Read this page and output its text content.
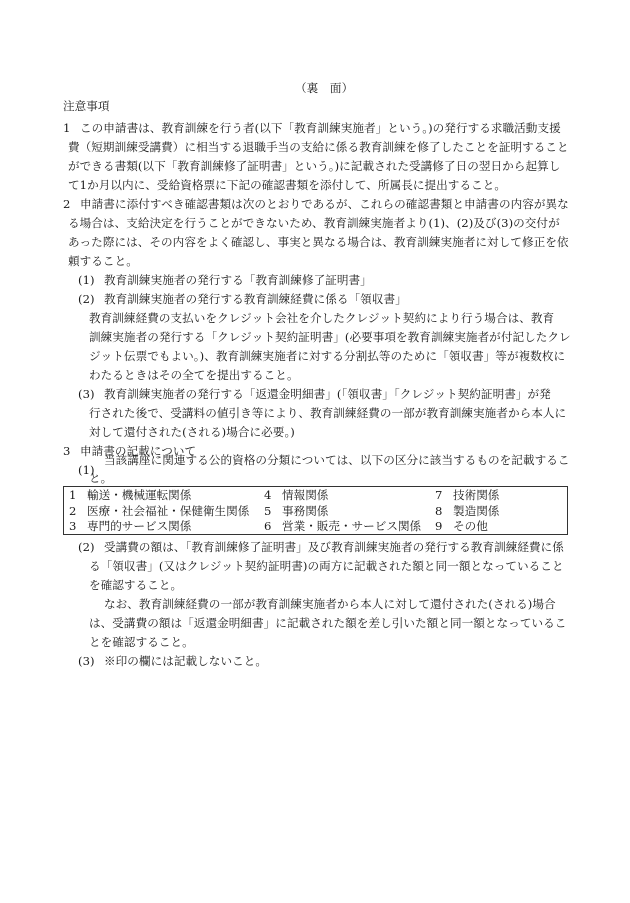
（裏　面）
注意事項
1 この申請書は、教育訓練を行う者(以下「教育訓練実施者」という。)の発行する求職活動支援
費（短期訓練受講費）に相当する退職手当の支給に係る教育訓練を修了したことを証明すること
ができる書類(以下「教育訓練修了証明書」という。)に記載された受講修了日の翌日から起算し
て1か月以内に、受給資格票に下記の確認書類を添付して、所属長に提出すること。
2 申請書に添付すべき確認書類は次のとおりであるが、これらの確認書類と申請書の内容が異な
る場合は、支給決定を行うことができないため、教育訓練実施者より(1)、(2)及び(3)の交付が
あった際には、その内容をよく確認し、事実と異なる場合は、教育訓練実施者に対して修正を依
頼すること。
(1) 教育訓練実施者の発行する「教育訓練修了証明書」
(2) 教育訓練実施者の発行する教育訓練経費に係る「領収書」
教育訓練経費の支払いをクレジット会社を介したクレジット契約により行う場合は、教育
訓練実施者の発行する「クレジット契約証明書」(必要事項を教育訓練実施者が付記したクレ
ジット伝票でもよい。)、教育訓練実施者に対する分割払等のために「領収書」等が複数枚に
わたるときはその全てを提出すること。
(3) 教育訓練実施者の発行する「返還金明細書」(「領収書」「クレジット契約証明書」が発
行された後で、受講料の値引き等により、教育訓練経費の一部が教育訓練実施者から本人に
対して還付された(される)場合に必要。)
3 申請書の記載について
(1)
当該講座に関連する公的資格の分類については、以下の区分に該当するものを記載するこ
と。
1 輸送・機械運転関係
2 医療・社会福祉・保健衛生関係
3 専門的サービス関係
4 情報関係
5 事務関係
6 営業・販売・サービス関係
7 技術関係
8 製造関係
9 その他
(2) 受講費の額は、「教育訓練修了証明書」及び教育訓練実施者の発行する教育訓練経費に係
る「領収書」(又はクレジット契約証明書)の両方に記載された額と同一額となっていること
を確認すること。
なお、教育訓練経費の一部が教育訓練実施者から本人に対して還付された(される)場合
は、受講費の額は「返還金明細書」に記載された額を差し引いた額と同一額となっているこ
とを確認すること。
(3) ※印の欄には記載しないこと。
